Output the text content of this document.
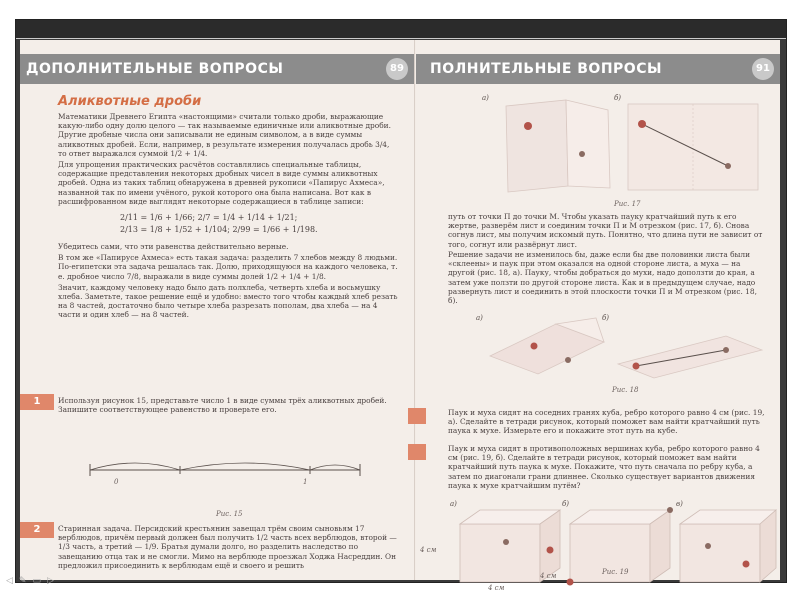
ДОПОЛНИТЕЛЬНЫЕ ВОПРОСЫ	89
Аликвотные дроби

Математики Древнего Египта «настоящими» считали только дроби, выражающие какую-либо одну долю целого — так называемые единичные или аликвотные дроби. Другие дробные числа они записывали не единым символом, а в виде суммы аликвотных дробей. Если, например, в результате измерения получалась дробь 3/4, то ответ выражался суммой 1/2 + 1/4.

Для упрощения практических расчётов составлялись специальные таблицы, содержащие представления некоторых дробных чисел в виде суммы аликвотных дробей. Одна из таких таблиц обнаружена в древней рукописи «Папирус Ахмеса», названной так по имени учёного, рукой которого она была написана. Вот как в расшифрованном виде выглядят некоторые содержащиеся в таблице записи:

2/11 = 1/6 + 1/66; 2/7 = 1/4 + 1/14 + 1/21;
2/13 = 1/8 + 1/52 + 1/104; 2/99 = 1/66 + 1/198.

Убедитесь сами, что эти равенства действительно верные.

В том же «Папирусе Ахмеса» есть такая задача: разделить 7 хлебов между 8 людьми. По-египетски эта задача решалась так. Долю, приходящуюся на каждого человека, т. е. дробное число 7/8, выражали в виде суммы долей 1/2 + 1/4 + 1/8.

Значит, каждому человеку надо было дать полхлеба, четверть хлеба и восьмушку хлеба. Заметьте, такое решение ещё и удобно: вместо того чтобы каждый хлеб резать на 8 частей, достаточно было четыре хлеба разрезать пополам, два хлеба — на 4 части и один хлеб — на 8 частей.

1	Используя рисунок 15, представьте число 1 в виде суммы трёх аликвотных дробей. Запишите соответствующее равенство и проверьте его.
0	1
Рис. 15
2	Старинная задача. Персидский крестьянин завещал трём своим сыновьям 17 верблюдов, причём первый должен был получить 1/2 часть всех верблюдов, второй — 1/3 часть, а третий — 1/9. Братья думали долго, но разделить наследство по завещанию отца так и не смогли. Мимо на верблюде проезжал Ходжа Насреддин. Он предложил присоединить к верблюдам ещё и своего и решить
ПОЛНИТЕЛЬНЫЕ ВОПРОСЫ	91
а)	б)
Рис. 17
путь от точки П до точки М. Чтобы указать пауку кратчайший путь к его жертве, разверём лист и соединим точки П и М отрезком (рис. 17, б). Снова согнув лист, мы получим искомый путь. Понятно, что длина пути не зависит от того, согнут или развёрнут лист.
Решение задачи не изменилось бы, даже если бы две половинки листа были «склеены» и паук при этом оказался на одной стороне листа, а муха — на другой (рис. 18, а). Пауку, чтобы добраться до мухи, надо доползти до края, а затем уже ползти по другой стороне листа. Как и в предыдущем случае, надо развернуть лист и соединить в этой плоскости точки П и М отрезком (рис. 18, б).
а)	б)
Рис. 18
Паук и муха сидят на соседних гранях куба, ребро которого равно 4 см (рис. 19, а). Сделайте в тетради рисунок, который поможет вам найти кратчайший путь паука к мухе. Измерьте его и покажите этот путь на кубе.
Паук и муха сидят в противоположных вершинах куба, ребро которого равно 4 см (рис. 19, б). Сделайте в тетради рисунок, который поможет вам найти кратчайший путь паука к мухе. Покажите, что путь сначала по ребру куба, а затем по диагонали грани длиннее. Сколько существует вариантов движения паука к мухе кратчайшим путём?
а)	б)	в)
4 см
4 см
4 см	Рис. 19
◁✎▭▷
